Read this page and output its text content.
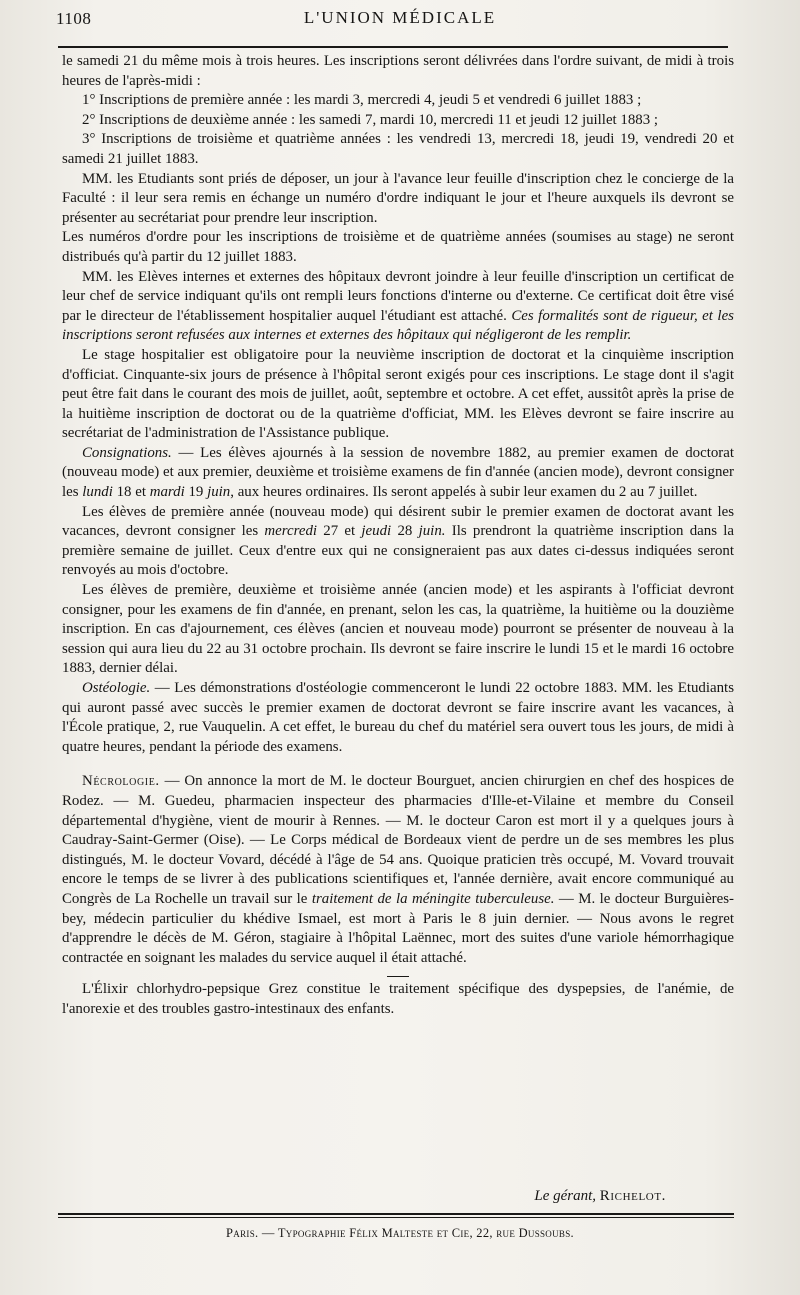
1108	L'UNION MÉDICALE

le samedi 21 du même mois à trois heures. Les inscriptions seront délivrées dans l'ordre suivant, de midi à trois heures de l'après-midi :

1° Inscriptions de première année : les mardi 3, mercredi 4, jeudi 5 et vendredi 6 juillet 1883 ;

2° Inscriptions de deuxième année : les samedi 7, mardi 10, mercredi 11 et jeudi 12 juillet 1883 ;

3° Inscriptions de troisième et quatrième années : les vendredi 13, mercredi 18, jeudi 19, vendredi 20 et samedi 21 juillet 1883.

MM. les Etudiants sont priés de déposer, un jour à l'avance leur feuille d'inscription chez le concierge de la Faculté : il leur sera remis en échange un numéro d'ordre indiquant le jour et l'heure auxquels ils devront se présenter au secrétariat pour prendre leur inscription.

Les numéros d'ordre pour les inscriptions de troisième et de quatrième années (soumises au stage) ne seront distribués qu'à partir du 12 juillet 1883.

MM. les Elèves internes et externes des hôpitaux devront joindre à leur feuille d'inscription un certificat de leur chef de service indiquant qu'ils ont rempli leurs fonctions d'interne ou d'externe. Ce certificat doit être visé par le directeur de l'établissement hospitalier auquel l'étudiant est attaché. Ces formalités sont de rigueur, et les inscriptions seront refusées aux internes et externes des hôpitaux qui négligeront de les remplir.

Le stage hospitalier est obligatoire pour la neuvième inscription de doctorat et la cinquième inscription d'officiat. Cinquante-six jours de présence à l'hôpital seront exigés pour ces inscriptions. Le stage dont il s'agit peut être fait dans le courant des mois de juillet, août, septembre et octobre. A cet effet, aussitôt après la prise de la huitième inscription de doctorat ou de la quatrième d'officiat, MM. les Elèves devront se faire inscrire au secrétariat de l'administration de l'Assistance publique.

Consignations. — Les élèves ajournés à la session de novembre 1882, au premier examen de doctorat (nouveau mode) et aux premier, deuxième et troisième examens de fin d'année (ancien mode), devront consigner les lundi 18 et mardi 19 juin, aux heures ordinaires. Ils seront appelés à subir leur examen du 2 au 7 juillet.

Les élèves de première année (nouveau mode) qui désirent subir le premier examen de doctorat avant les vacances, devront consigner les mercredi 27 et jeudi 28 juin. Ils prendront la quatrième inscription dans la première semaine de juillet. Ceux d'entre eux qui ne consigneraient pas aux dates ci-dessus indiquées seront renvoyés au mois d'octobre.

Les élèves de première, deuxième et troisième année (ancien mode) et les aspirants à l'officiat devront consigner, pour les examens de fin d'année, en prenant, selon les cas, la quatrième, la huitième ou la douzième inscription. En cas d'ajournement, ces élèves (ancien et nouveau mode) pourront se présenter de nouveau à la session qui aura lieu du 22 au 31 octobre prochain. Ils devront se faire inscrire le lundi 15 et le mardi 16 octobre 1883, dernier délai.

Ostéologie. — Les démonstrations d'ostéologie commenceront le lundi 22 octobre 1883. MM. les Etudiants qui auront passé avec succès le premier examen de doctorat devront se faire inscrire avant les vacances, à l'École pratique, 2, rue Vauquelin. A cet effet, le bureau du chef du matériel sera ouvert tous les jours, de midi à quatre heures, pendant la période des examens.

Nécrologie. — On annonce la mort de M. le docteur Bourguet, ancien chirurgien en chef des hospices de Rodez. — M. Guedeu, pharmacien inspecteur des pharmacies d'Ille-et-Vilaine et membre du Conseil départemental d'hygiène, vient de mourir à Rennes. — M. le docteur Caron est mort il y a quelques jours à Caudray-Saint-Germer (Oise). — Le Corps médical de Bordeaux vient de perdre un de ses membres les plus distingués, M. le docteur Vovard, décédé à l'âge de 54 ans. Quoique praticien très occupé, M. Vovard trouvait encore le temps de se livrer à des publications scientifiques et, l'année dernière, avait encore communiqué au Congrès de La Rochelle un travail sur le traitement de la méningite tuberculeuse. — M. le docteur Burguières-bey, médecin particulier du khédive Ismael, est mort à Paris le 8 juin dernier. — Nous avons le regret d'apprendre le décès de M. Géron, stagiaire à l'hôpital Laënnec, mort des suites d'une variole hémorrhagique contractée en soignant les malades du service auquel il était attaché.

L'Élixir chlorhydro-pepsique Grez constitue le traitement spécifique des dyspepsies, de l'anémie, de l'anorexie et des troubles gastro-intestinaux des enfants.

Le gérant, Richelot.
Paris. — Typographie Félix Malteste et Cie, 22, rue Dussoubs.
